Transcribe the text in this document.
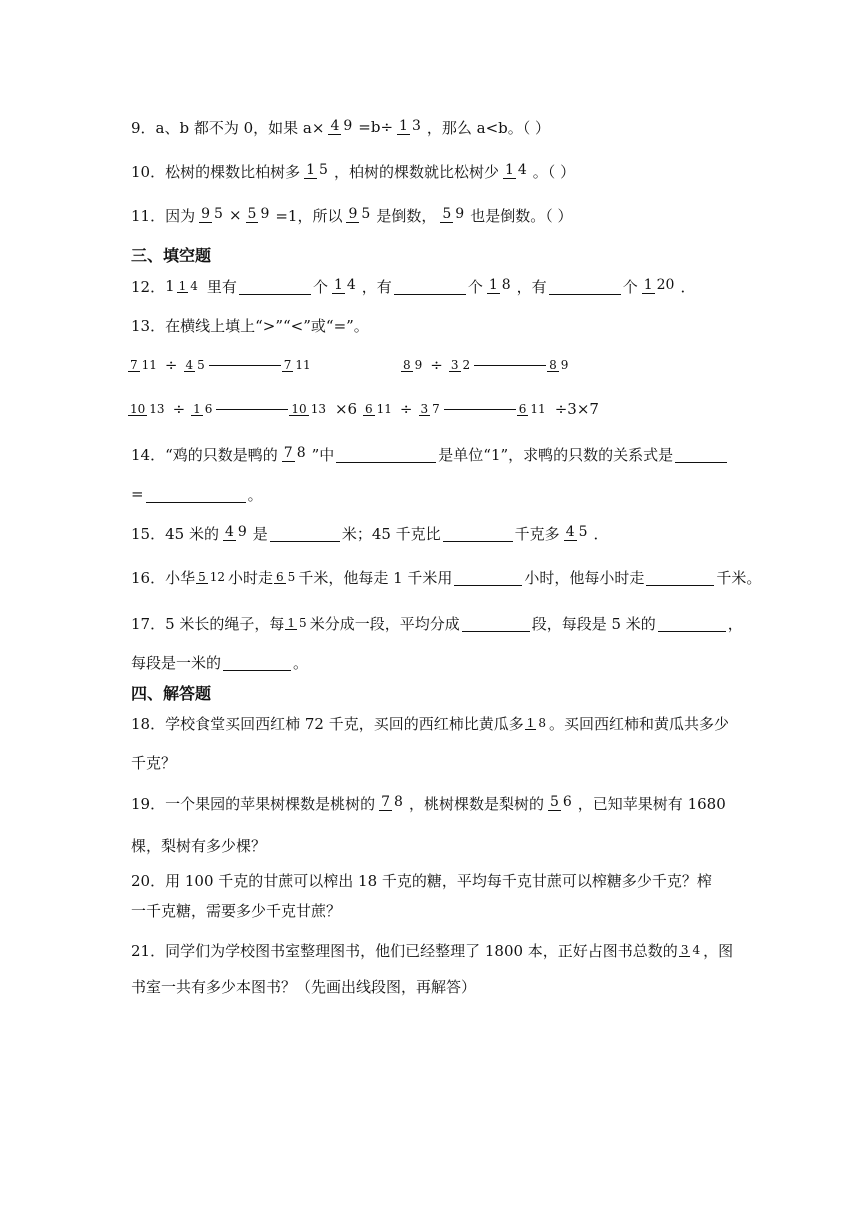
9．a、b 都不为 0，如果 a× 4 9 =b÷ 1 3 ，那么 a<b。（ ）
10．松树的棵数比柏树多 1 5 ，柏树的棵数就比松树少 1 4 。（ ）
11．因为 9 5 × 5 9 =1，所以 9 5 是倒数， 5 9 也是倒数。（ ）
三、填空题
12． 1 1 4 里有	个 1 4 ，有	个 1 8 ，有	个 1 20 ．
13．在横线上填上“>”“<”或“=”。
7 11 ÷ 4 5	7 11	8 9 ÷ 3 2	8 9
10 13 ÷ 1 6	10 13 ×6 6 11 ÷ 3 7	6 11 ÷3×7
14．“鸡的只数是鸭的 7 8 ”中	是单位“1”，求鸭的只数的关系式是
=	。
15．45 米的 4 9 是	米；45 千克比	千克多 4 5 ．
16．小华 5 12 小时走 6 5 千米，他每走 1 千米用	小时，他每小时走	千米。
17．5 米长的绳子，每 1 5 米分成一段，平均分成	段，每段是 5 米的	，
每段是一米的	。
四、解答题
18．学校食堂买回西红柿 72 千克，买回的西红柿比黄瓜多 1 8 。买回西红柿和黄瓜共多少
千克？
19．一个果园的苹果树棵数是桃树的 7 8 ，桃树棵数是梨树的 5 6 ，已知苹果树有 1680
棵，梨树有多少棵？
20．用 100 千克的甘蔗可以榨出 18 千克的糖，平均每千克甘蔗可以榨糖多少千克？榨
一千克糖，需要多少千克甘蔗？
21．同学们为学校图书室整理图书，他们已经整理了 1800 本，正好占图书总数的 3 4 ，图
书室一共有多少本图书？（先画出线段图，再解答）
